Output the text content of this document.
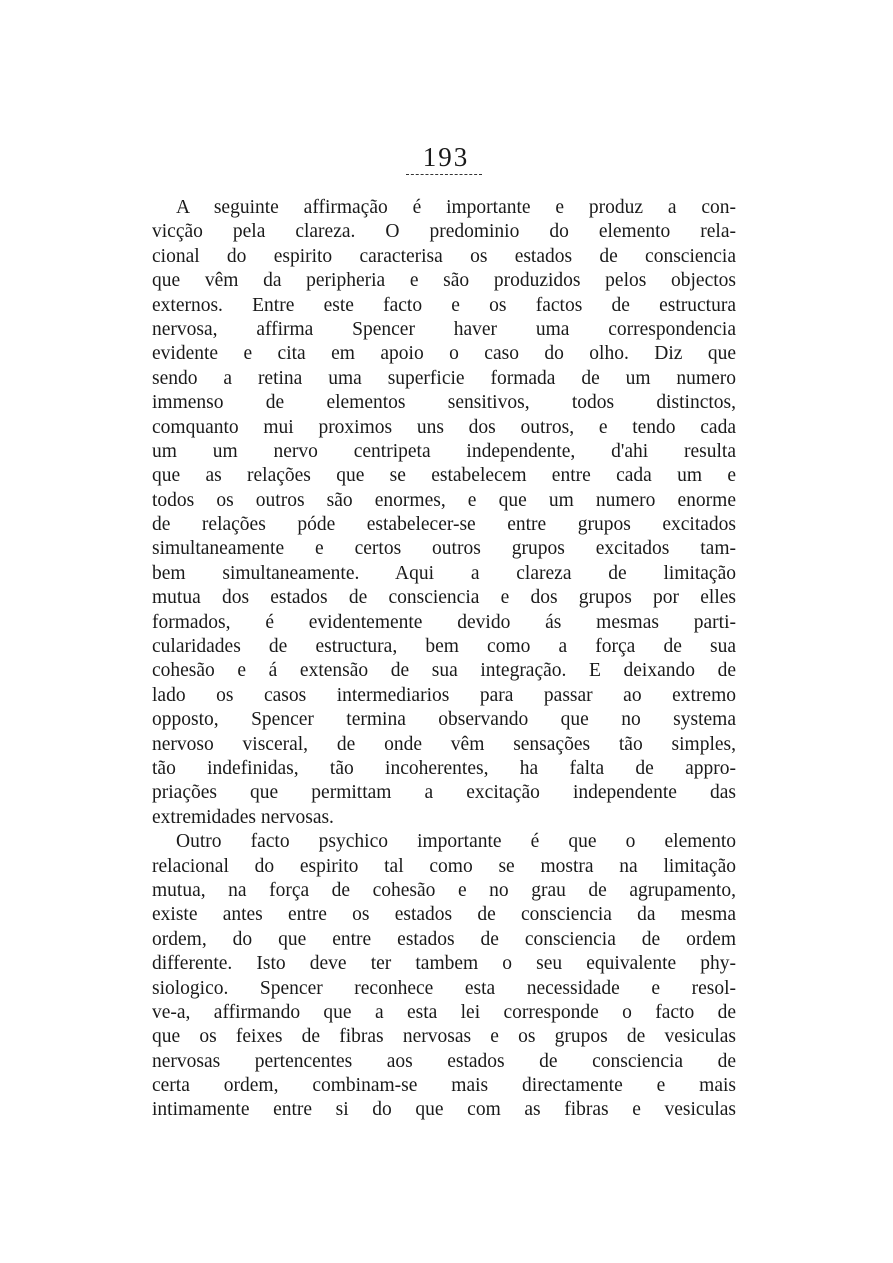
193
A seguinte affirmação é importante e produz a con-
vicção pela clareza. O predominio do elemento rela-
cional do espirito caracterisa os estados de consciencia
que vêm da peripheria e são produzidos pelos objectos
externos. Entre este facto e os factos de estructura
nervosa, affirma Spencer haver uma correspondencia
evidente e cita em apoio o caso do olho. Diz que
sendo a retina uma superficie formada de um numero
immenso de elementos sensitivos, todos distinctos,
comquanto mui proximos uns dos outros, e tendo cada
um um nervo centripeta independente, d'ahi resulta
que as relações que se estabelecem entre cada um e
todos os outros são enormes, e que um numero enorme
de relações póde estabelecer-se entre grupos excitados
simultaneamente e certos outros grupos excitados tam-
bem simultaneamente. Aqui a clareza de limitação
mutua dos estados de consciencia e dos grupos por elles
formados, é evidentemente devido ás mesmas parti-
cularidades de estructura, bem como a força de sua
cohesão e á extensão de sua integração. E deixando de
lado os casos intermediarios para passar ao extremo
opposto, Spencer termina observando que no systema
nervoso visceral, de onde vêm sensações tão simples,
tão indefinidas, tão incoherentes, ha falta de appro-
priações que permittam a excitação independente das
extremidades nervosas.
Outro facto psychico importante é que o elemento
relacional do espirito tal como se mostra na limitação
mutua, na força de cohesão e no grau de agrupamento,
existe antes entre os estados de consciencia da mesma
ordem, do que entre estados de consciencia de ordem
differente. Isto deve ter tambem o seu equivalente phy-
siologico. Spencer reconhece esta necessidade e resol-
ve-a, affirmando que a esta lei corresponde o facto de
que os feixes de fibras nervosas e os grupos de vesiculas
nervosas pertencentes aos estados de consciencia de
certa ordem, combinam-se mais directamente e mais
intimamente entre si do que com as fibras e vesiculas
